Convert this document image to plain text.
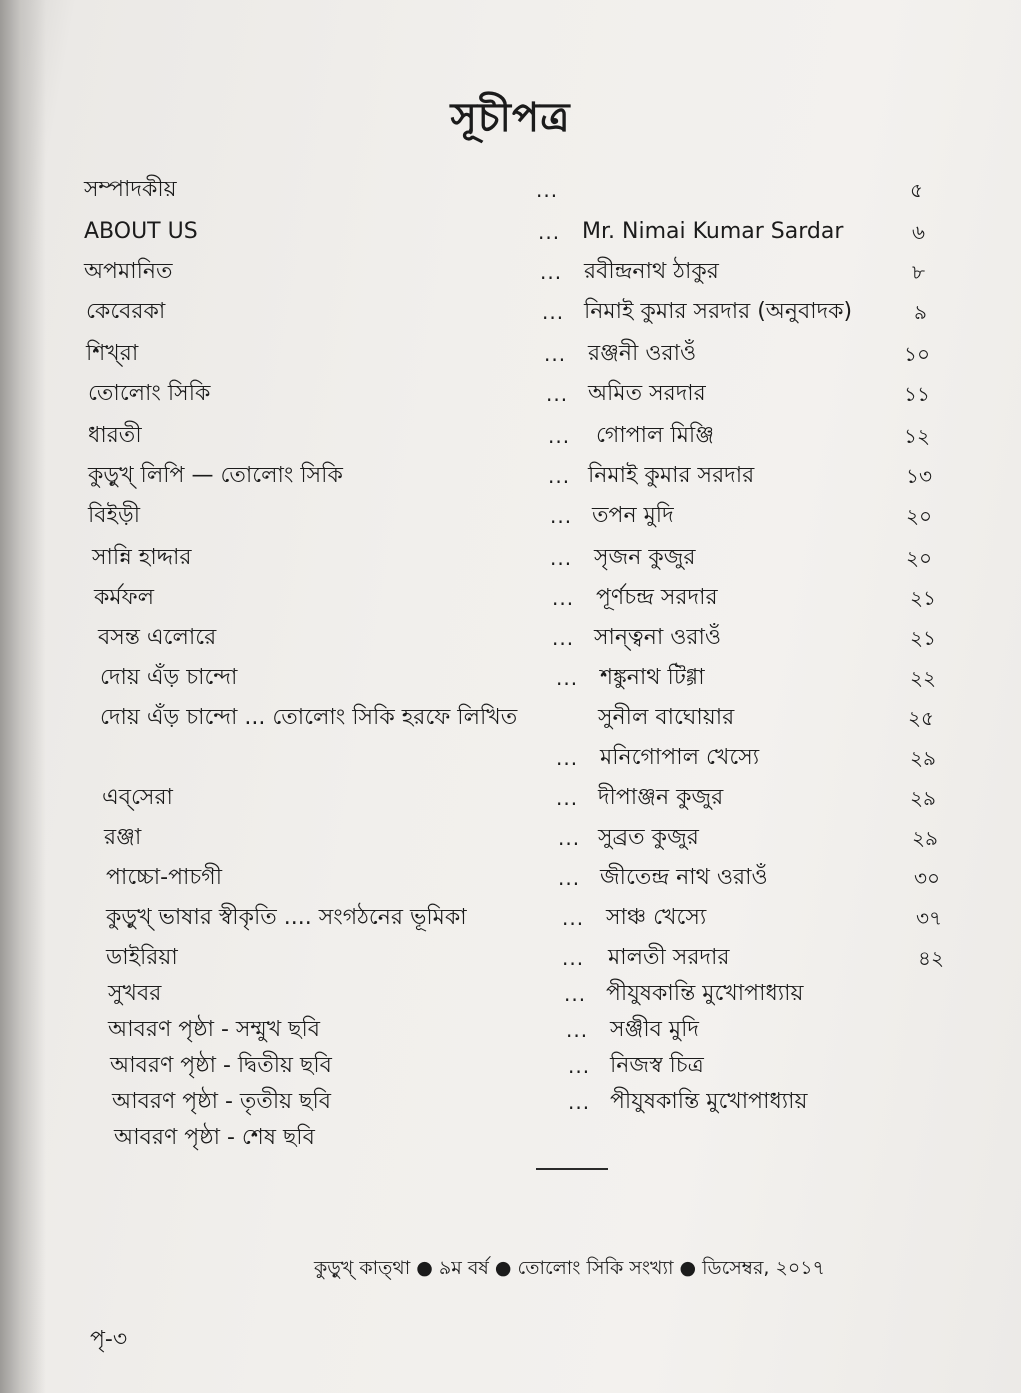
সূচীপত্র
সম্পাদকীয়	...	৫
ABOUT US	... Mr. Nimai Kumar Sardar	৬
অপমানিত	... রবীন্দ্রনাথ ঠাকুর	৮
কেবেরকা	... নিমাই কুমার সরদার (অনুবাদক)	৯
শিখ্‌রা	... রঞ্জনী ওরাওঁ	১০
তোলোং সিকি	... অমিত সরদার	১১
ধারতী	... গোপাল মিঞ্জি	১২
কুড়ুখ্‌ লিপি — তোলোং সিকি	... নিমাই কুমার সরদার	১৩
বিইড়ী	... তপন মুদি	২০
সান্নি হাদ্দার	... সৃজন কুজুর	২০
কর্মফল	... পূর্ণচন্দ্র সরদার	২১
বসন্ত এলোরে	... সান্ত্বনা ওরাওঁ	২১
দোয় এঁড় চান্দো	... শঙ্কুনাথ টিগ্গা	২২
দোয় এঁড় চান্দো ... তোলোং সিকি হরফে লিখিত	সুনীল বাঘোয়ার	২৫
... মনিগোপাল খেস্যে	২৯
এব্‌সেরা	... দীপাঞ্জন কুজুর	২৯
রঞ্জা	... সুব্রত কুজুর	২৯
পাচ্চো-পাচগী	... জীতেন্দ্র নাথ ওরাওঁ	৩০
কুড়ুখ্‌ ভাষার স্বীকৃতি .... সংগঠনের ভূমিকা	... সাঞ্চ খেস্যে	৩৭
ডাইরিয়া	... মালতী সরদার	৪২
সুখবর	... পীযুষকান্তি মুখোপাধ্যায়
আবরণ পৃষ্ঠা - সম্মুখ ছবি	... সঞ্জীব মুদি
আবরণ পৃষ্ঠা - দ্বিতীয় ছবি	... নিজস্ব চিত্র
আবরণ পৃষ্ঠা - তৃতীয় ছবি	... পীযুষকান্তি মুখোপাধ্যায়
আবরণ পৃষ্ঠা - শেষ ছবি
কুড়ুখ্‌ কাত্‌থা ● ৯ম বর্ষ ● তোলোং সিকি সংখ্যা ● ডিসেম্বর, ২০১৭
পৃ-৩
